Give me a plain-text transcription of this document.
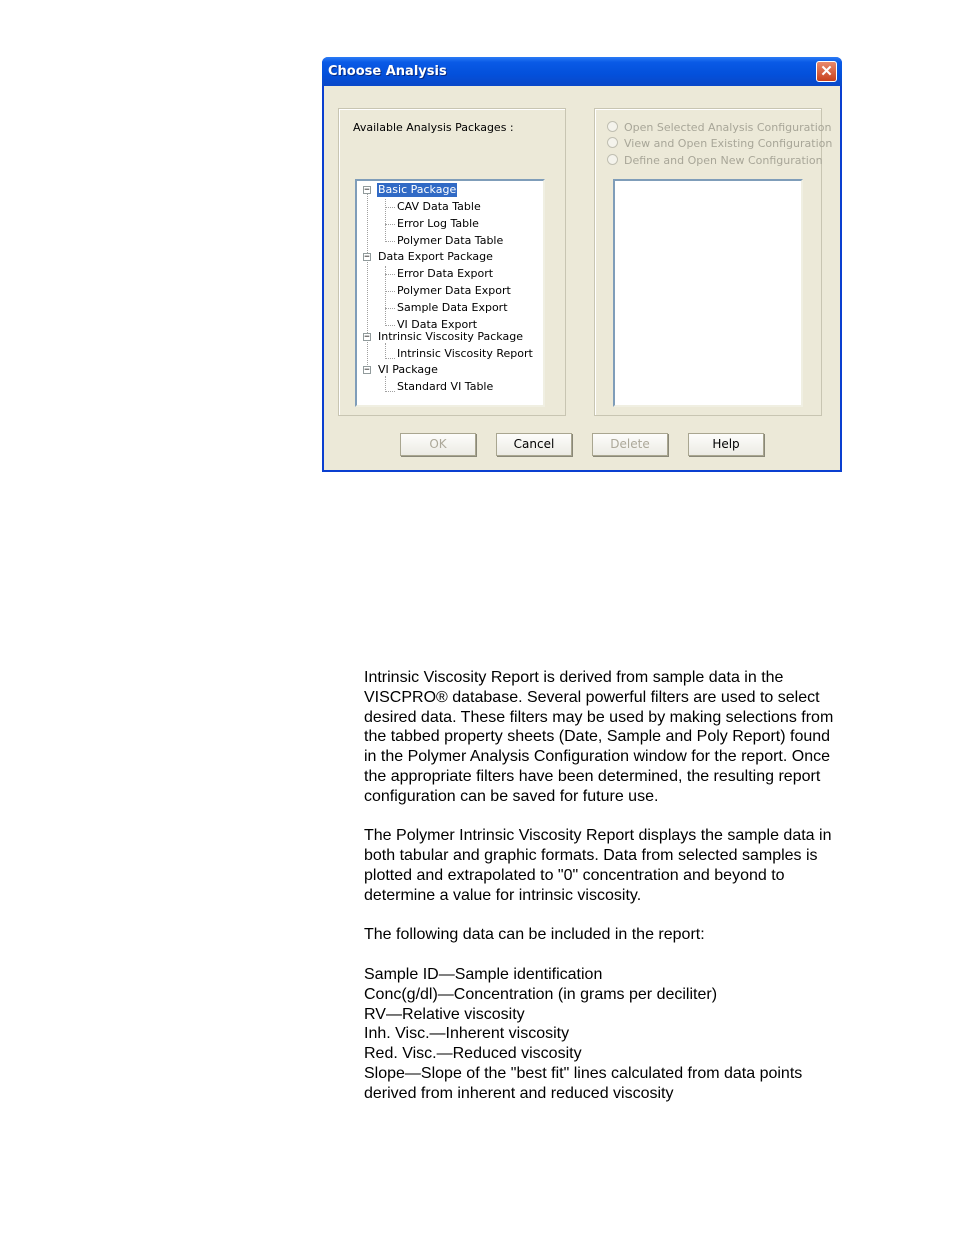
Choose Analysis	✕
Available Analysis Packages :
− Basic Package
CAV Data Table
Error Log Table
Polymer Data Table
− Data Export Package
Error Data Export
Polymer Data Export
Sample Data Export
VI Data Export
− Intrinsic Viscosity Package
Intrinsic Viscosity Report
− VI Package
Standard VI Table
Open Selected Analysis Configuration
View and Open Existing Configuration
Define and Open New Configuration
OK	Cancel	Delete	Help

Intrinsic Viscosity Report is derived from sample data in the

VISCPRO® database. Several powerful filters are used to select

desired data. These filters may be used by making selections from

the tabbed property sheets (Date, Sample and Poly Report) found

in the Polymer Analysis Configuration window for the report. Once

the appropriate filters have been determined, the resulting report

configuration can be saved for future use.

The Polymer Intrinsic Viscosity Report displays the sample data in

both tabular and graphic formats. Data from selected samples is

plotted and extrapolated to "0" concentration and beyond to

determine a value for intrinsic viscosity.

The following data can be included in the report:

Sample ID—Sample identification

Conc(g/dl)—Concentration (in grams per deciliter)

RV—Relative viscosity

Inh. Visc.—Inherent viscosity

Red. Visc.—Reduced viscosity

Slope—Slope of the "best fit" lines calculated from data points

derived from inherent and reduced viscosity
